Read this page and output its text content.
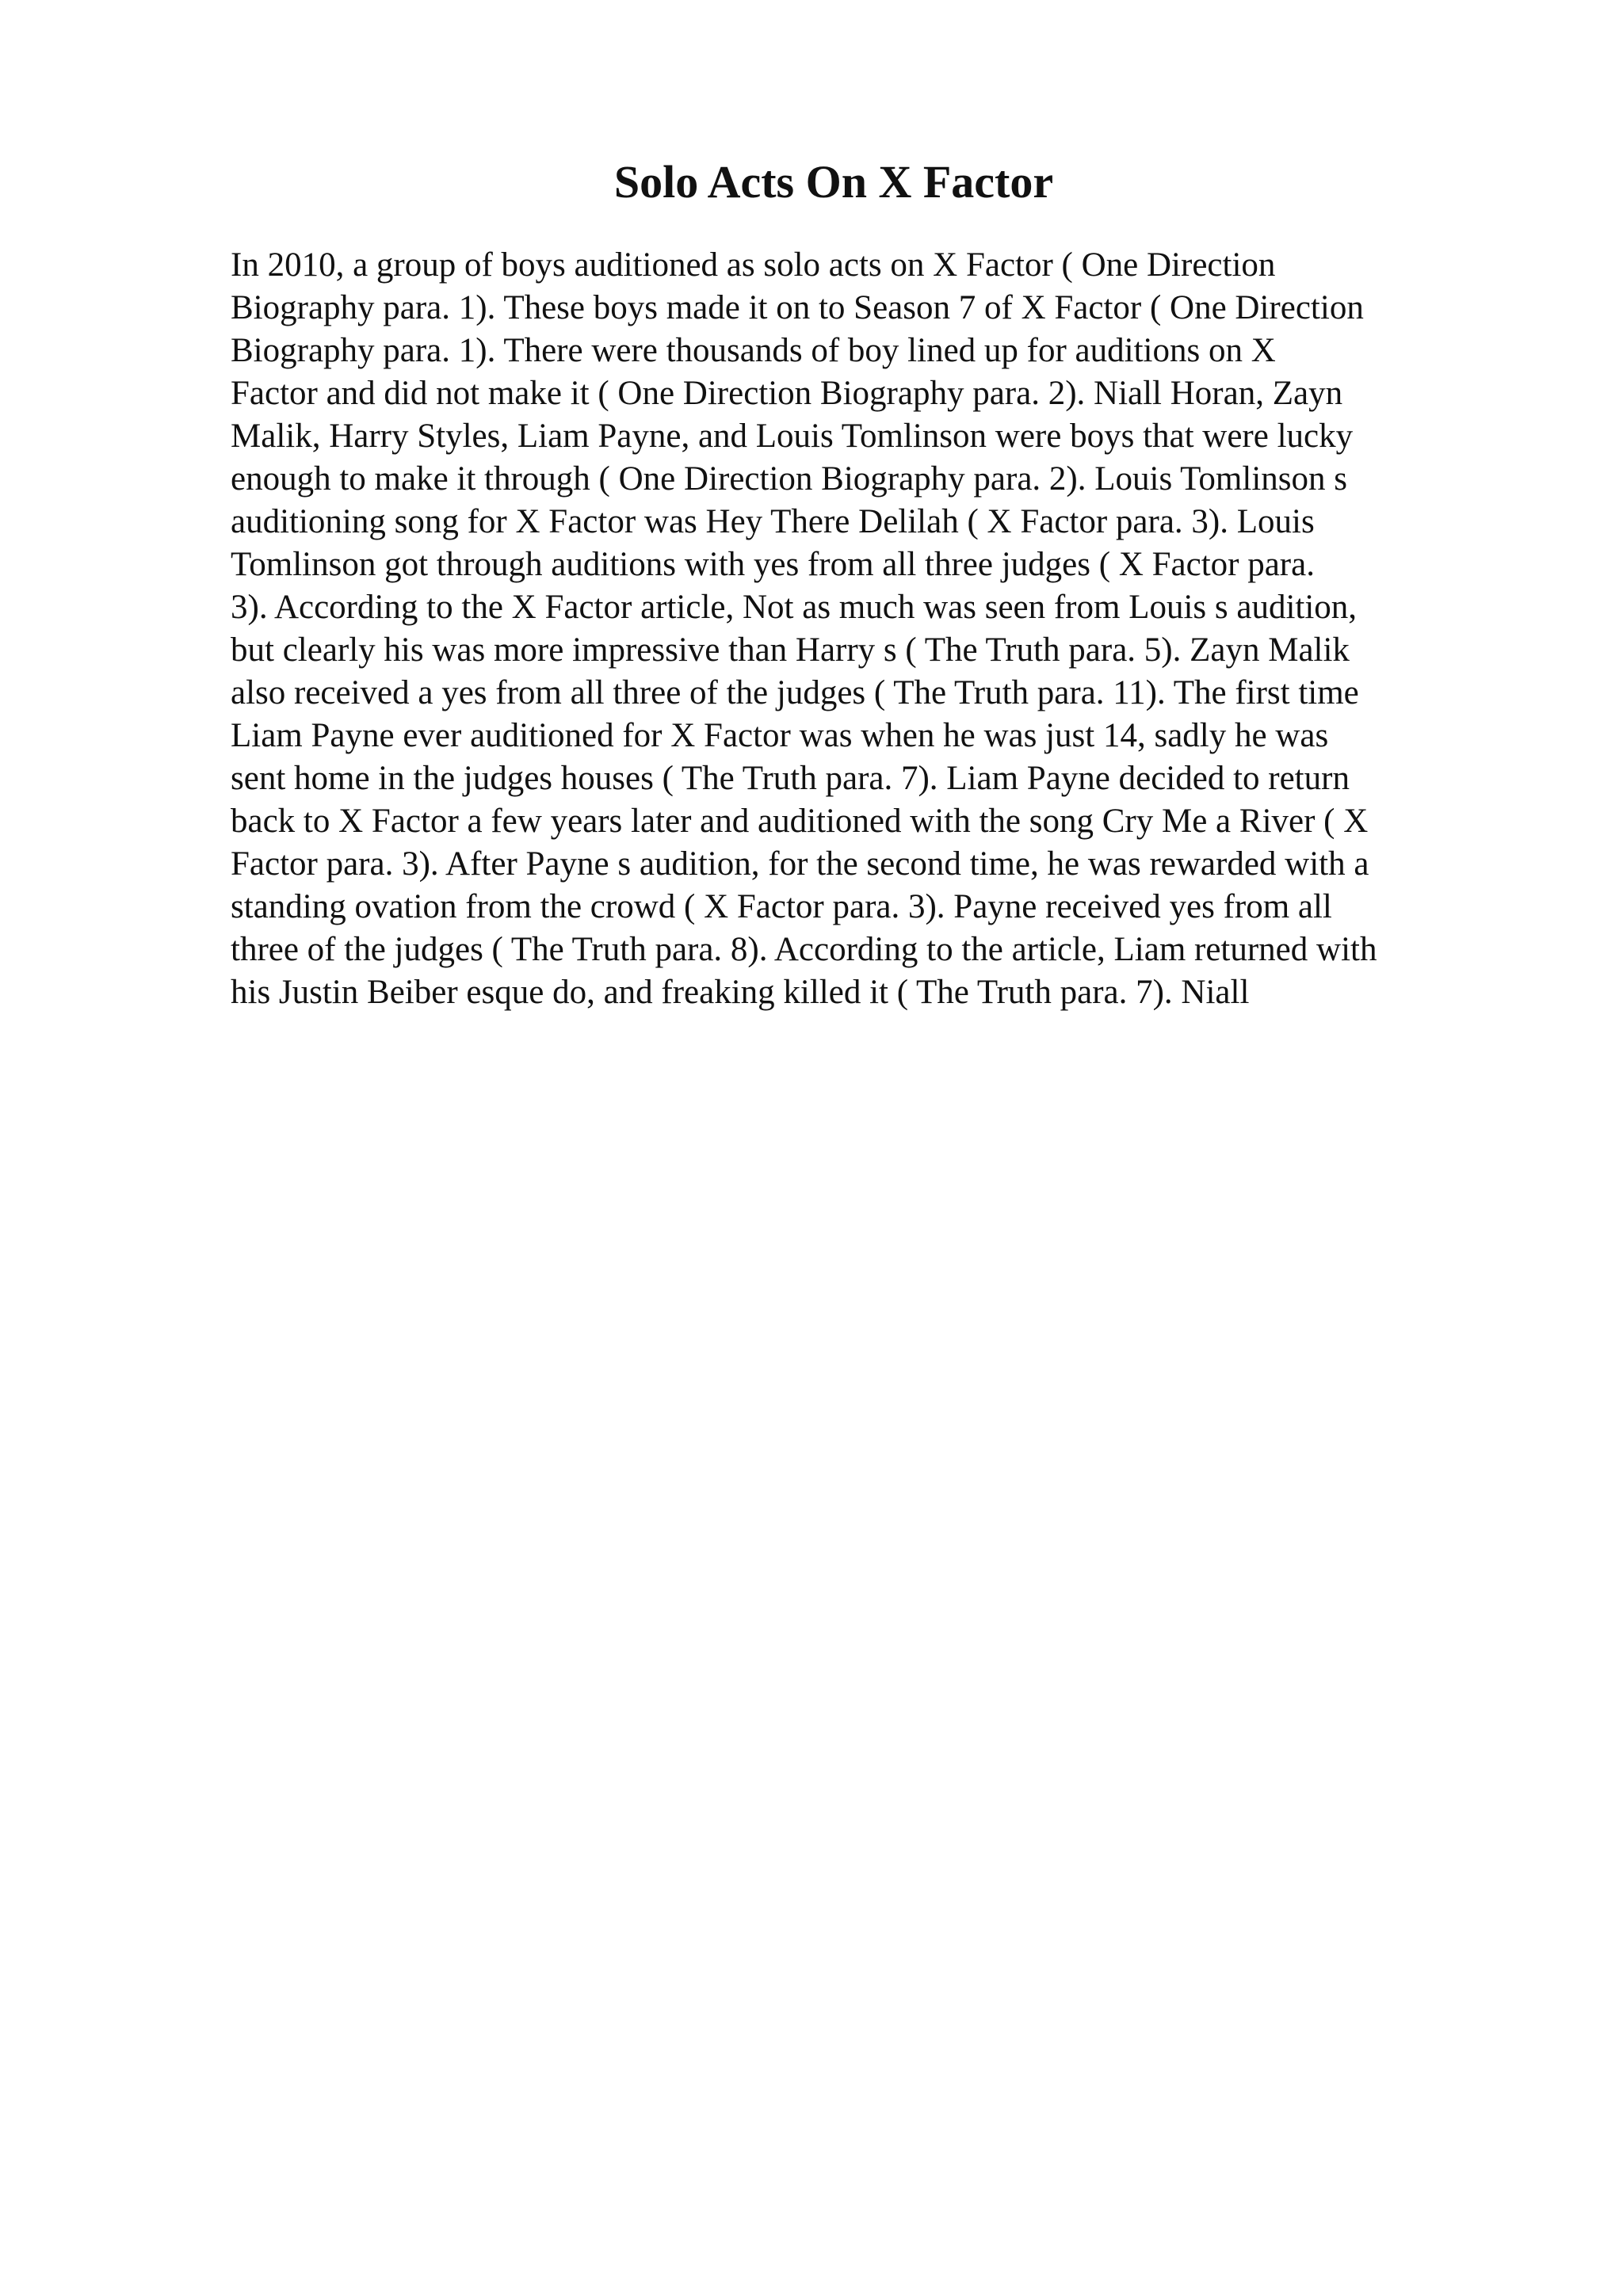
Solo Acts On X Factor
In 2010, a group of boys auditioned as solo acts on X Factor ( One Direction
Biography para. 1). These boys made it on to Season 7 of X Factor ( One Direction
Biography para. 1). There were thousands of boy lined up for auditions on X
Factor and did not make it ( One Direction Biography para. 2). Niall Horan, Zayn
Malik, Harry Styles, Liam Payne, and Louis Tomlinson were boys that were lucky
enough to make it through ( One Direction Biography para. 2). Louis Tomlinson s
auditioning song for X Factor was Hey There Delilah ( X Factor para. 3). Louis
Tomlinson got through auditions with yes from all three judges ( X Factor para.
3). According to the X Factor article, Not as much was seen from Louis s audition,
but clearly his was more impressive than Harry s ( The Truth para. 5). Zayn Malik
also received a yes from all three of the judges ( The Truth para. 11). The first time
Liam Payne ever auditioned for X Factor was when he was just 14, sadly he was
sent home in the judges houses ( The Truth para. 7). Liam Payne decided to return
back to X Factor a few years later and auditioned with the song Cry Me a River ( X
Factor para. 3). After Payne s audition, for the second time, he was rewarded with a
standing ovation from the crowd ( X Factor para. 3). Payne received yes from all
three of the judges ( The Truth para. 8). According to the article, Liam returned with
his Justin Beiber esque do, and freaking killed it ( The Truth para. 7). Niall
